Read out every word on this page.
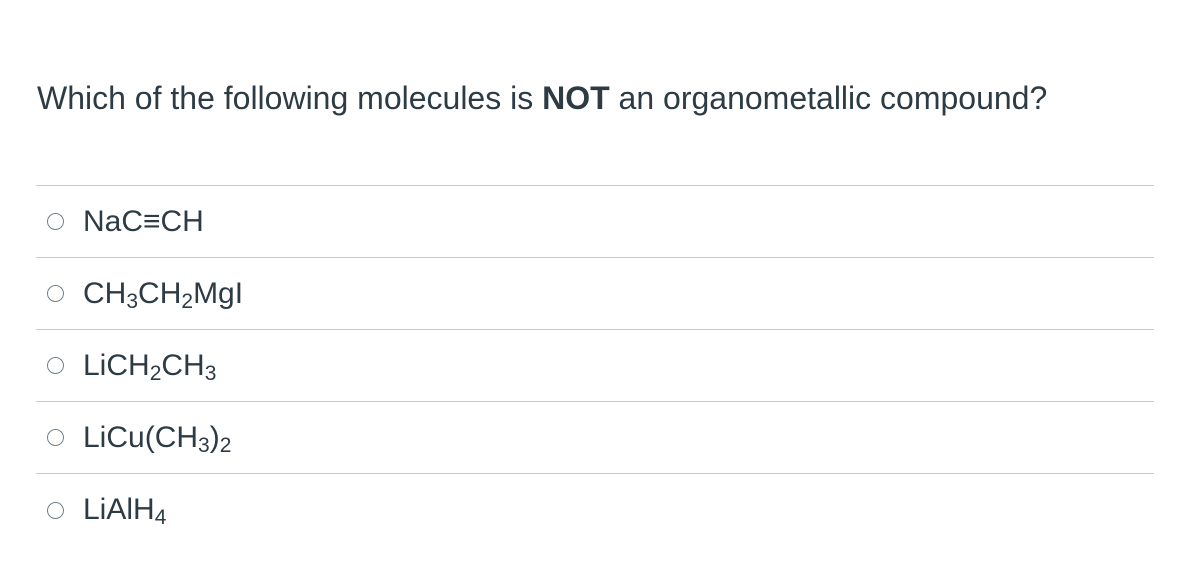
Which of the following molecules is NOT an organometallic compound?
NaC≡CH
$CH_3CH_2MgI$
$LiCH_2CH_3$
$LiCu(CH_3)_2$
LiAlH$_4$
